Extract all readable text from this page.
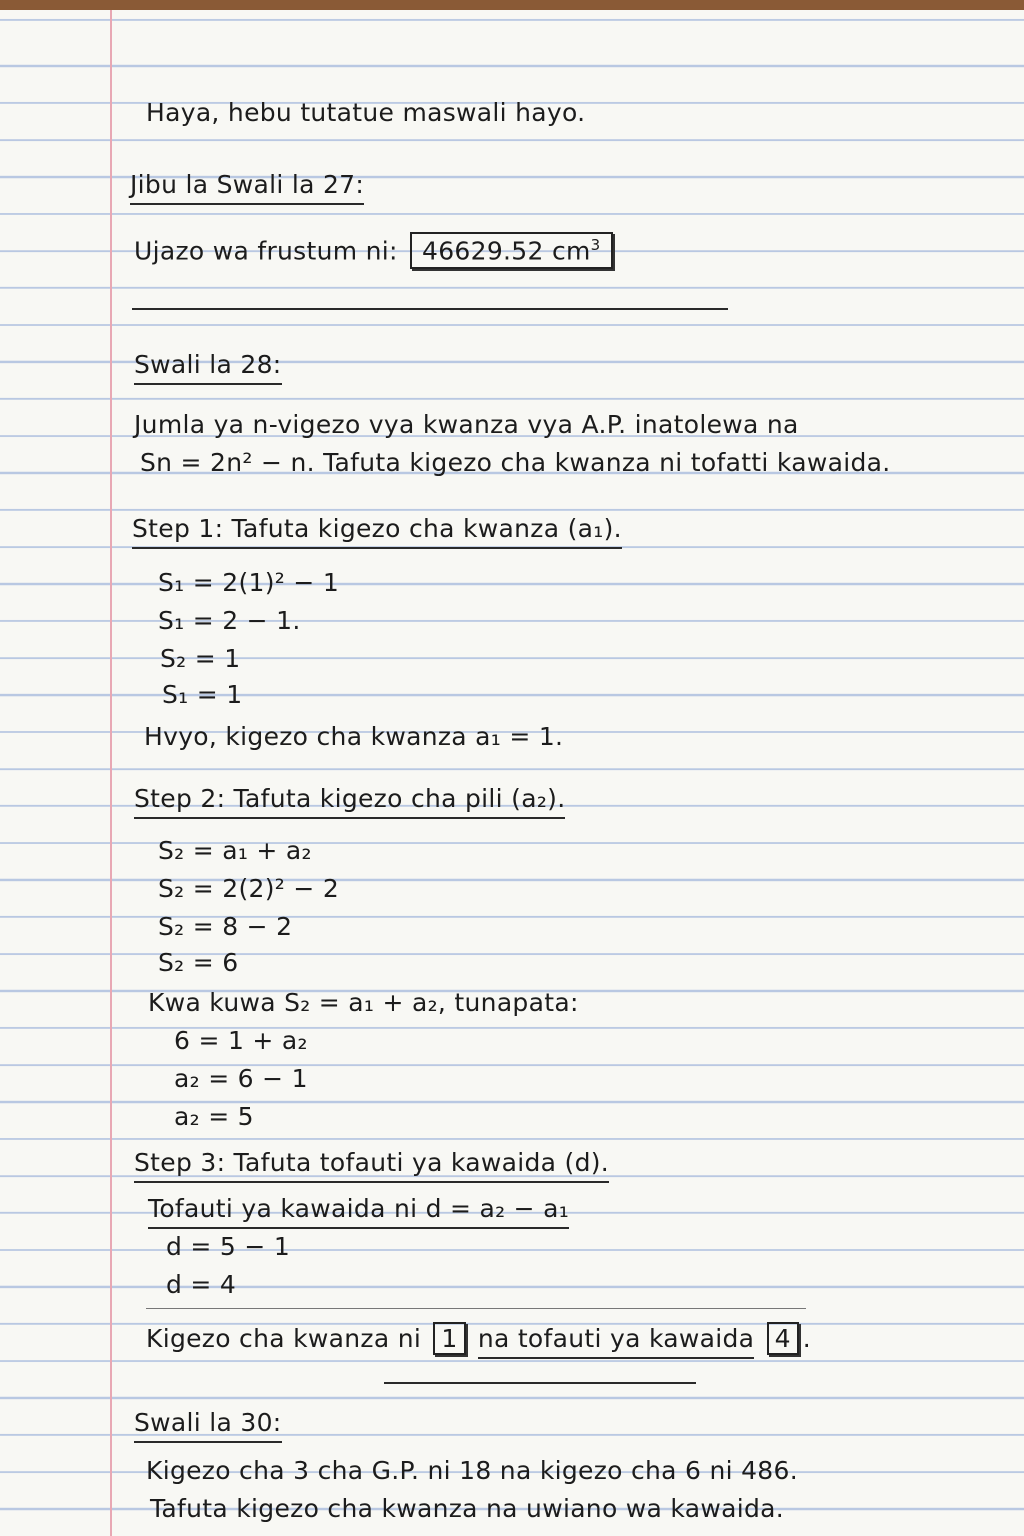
Haya, hebu tutatue maswali hayo.
Jibu la Swali la 27:
Ujazo wa frustum ni: 46629.52 $cm^3$
Swali la 28:
Jumla ya n-vigezo vya kwanza vya A.P. inatolewa na
Sn = 2n² − n. Tafuta kigezo cha kwanza ni tofatti kawaida.
Step 1: Tafuta kigezo cha kwanza (a₁).
S₁ = 2(1)² − 1
S₁ = 2 − 1.
S₂ = 1
S₁ = 1
Hvyo, kigezo cha kwanza a₁ = 1.
Step 2: Tafuta kigezo cha pili (a₂).
S₂ = a₁ + a₂
S₂ = 2(2)² − 2
S₂ = 8 − 2
S₂ = 6
Kwa kuwa S₂ = a₁ + a₂, tunapata:
6 = 1 + a₂
a₂ = 6 − 1
a₂ = 5
Step 3: Tafuta tofauti ya kawaida (d).
Tofauti ya kawaida ni d = a₂ − a₁
d = 5 − 1
d = 4
Kigezo cha kwanza ni 1 na tofauti ya kawaida 4 .
Swali la 30:
Kigezo cha 3 cha G.P. ni 18 na kigezo cha 6 ni 486.
Tafuta kigezo cha kwanza na uwiano wa kawaida.
